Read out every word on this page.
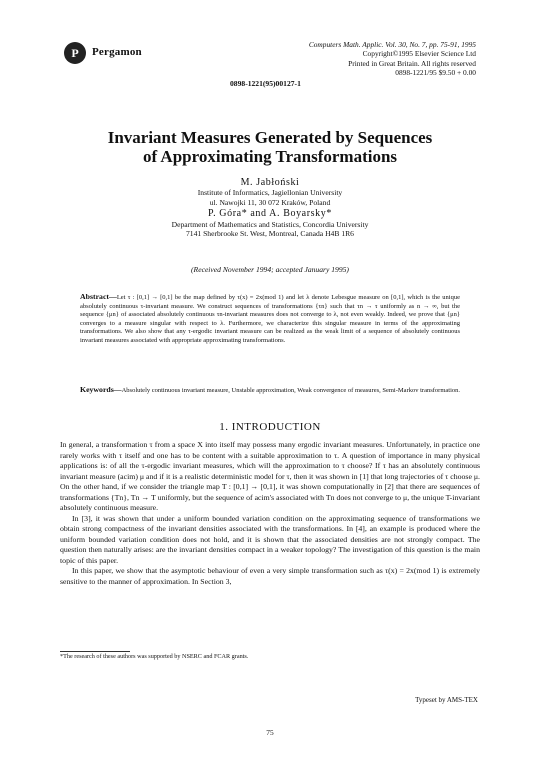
P	Pergamon
Computers Math. Applic. Vol. 30, No. 7, pp. 75-91, 1995
Copyright©1995 Elsevier Science Ltd
Printed in Great Britain. All rights reserved
0898-1221/95 $9.50 + 0.00
0898-1221(95)00127-1
Invariant Measures Generated by Sequences
of Approximating Transformations
M. Jabłoński
Institute of Informatics, Jagiellonian University
ul. Nawojki 11, 30 072 Kraków, Poland
P. Góra* and A. Boyarsky*
Department of Mathematics and Statistics, Concordia University
7141 Sherbrooke St. West, Montreal, Canada H4B 1R6
(Received November 1994; accepted January 1995)
Abstract—Let τ : [0,1] → [0,1] be the map defined by τ(x) = 2x(mod 1) and let λ denote Lebesgue measure on [0,1], which is the unique absolutely continuous τ-invariant measure. We construct sequences of transformations {τn} such that τn → τ uniformly as n → ∞, but the sequence {μn} of associated absolutely continuous τn-invariant measures does not converge to λ, not even weakly. Indeed, we prove that {μn} converges to a measure singular with respect to λ. Furthermore, we characterize this singular measure in terms of the approximating transformations. We also show that any τ-ergodic invariant measure can be realized as the weak limit of a sequence of absolutely continuous invariant measures associated with appropriate approximating transformations.
Keywords—Absolutely continuous invariant measure, Unstable approximation, Weak convergence of measures, Semi-Markov transformation.
1. INTRODUCTION

In general, a transformation τ from a space X into itself may possess many ergodic invariant measures. Unfortunately, in practice one rarely works with τ itself and one has to be content with a suitable approximation to τ. A question of importance in many physical applications is: of all the τ-ergodic invariant measures, which will the approximation to τ choose? If τ has an absolutely continuous invariant measure (acim) μ and if it is a realistic deterministic model for τ, then it was shown in [1] that long trajectories of τ choose μ. On the other hand, if we consider the triangle map T : [0,1] → [0,1], it was shown computationally in [2] that there are sequences of transformations {Tn}, Tn → T uniformly, but the sequence of acim's associated with Tn does not converge to μ, the unique T-invariant absolutely continuous measure.

In [3], it was shown that under a uniform bounded variation condition on the approximating sequence of transformations we obtain strong compactness of the invariant densities associated with the transformations. In [4], an example is produced where the uniform bounded variation condition does not hold, and it is shown that the associated densities are not strongly compact. The question then naturally arises: are the invariant densities compact in a weaker topology? The investigation of this question is the main topic of this paper.

In this paper, we show that the asymptotic behaviour of even a very simple transformation such as τ(x) = 2x(mod 1) is extremely sensitive to the manner of approximation. In Section 3,

*The research of these authors was supported by NSERC and FCAR grants.
Typeset by AMS-TEX
75
